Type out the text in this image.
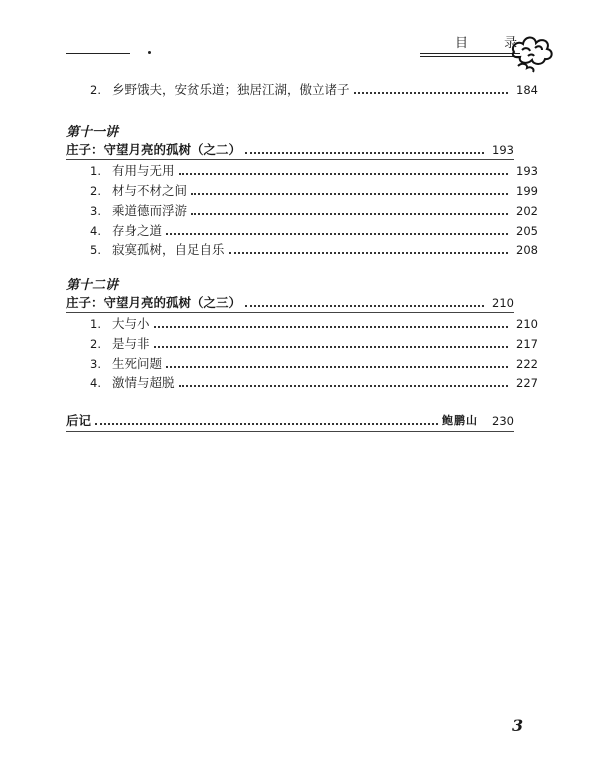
目 录
2. 乡野饿夫，安贫乐道；独居江湖，傲立诸子	184
第十一讲
庄子：守望月亮的孤树（之二）	193
1. 有用与无用	193
2. 材与不材之间	199
3. 乘道德而浮游	202
4. 存身之道	205
5. 寂寞孤树，自足自乐	208
第十二讲
庄子：守望月亮的孤树（之三）	210
1. 大与小	210
2. 是与非	217
3. 生死问题	222
4. 激情与超脱	227
后记	鲍鹏山	230
3
